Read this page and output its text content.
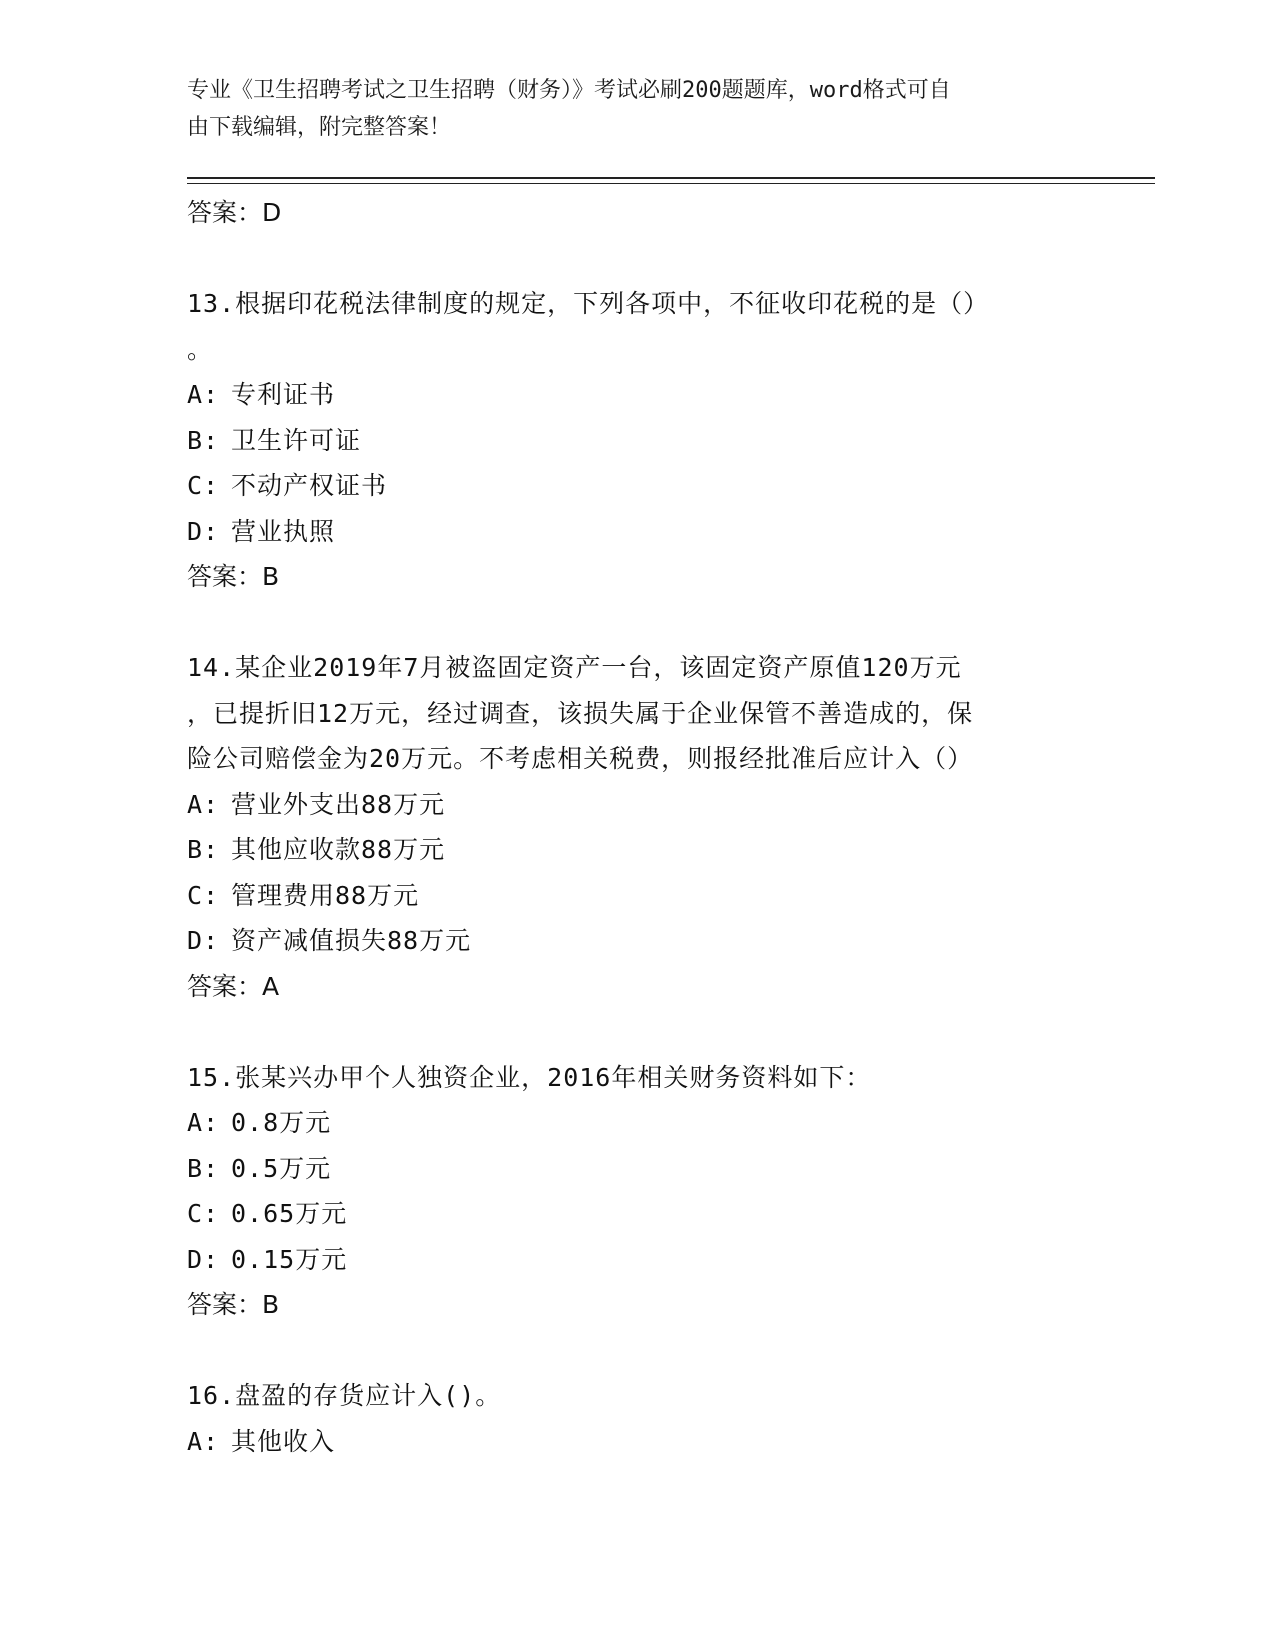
专业《卫生招聘考试之卫生招聘（财务）》考试必刷200题题库，word格式可自
由下载编辑，附完整答案！
答案：D
13.根据印花税法律制度的规定，下列各项中，不征收印花税的是（）
。
A: 专利证书
B: 卫生许可证
C: 不动产权证书
D: 营业执照
答案：B
14.某企业2019年7月被盗固定资产一台，该固定资产原值120万元
，已提折旧12万元，经过调查，该损失属于企业保管不善造成的，保
险公司赔偿金为20万元。不考虑相关税费，则报经批准后应计入（）
A: 营业外支出88万元
B: 其他应收款88万元
C: 管理费用88万元
D: 资产减值损失88万元
答案：A
15.张某兴办甲个人独资企业，2016年相关财务资料如下：
A: 0.8万元
B: 0.5万元
C: 0.65万元
D: 0.15万元
答案：B
16.盘盈的存货应计入()。
A: 其他收入
